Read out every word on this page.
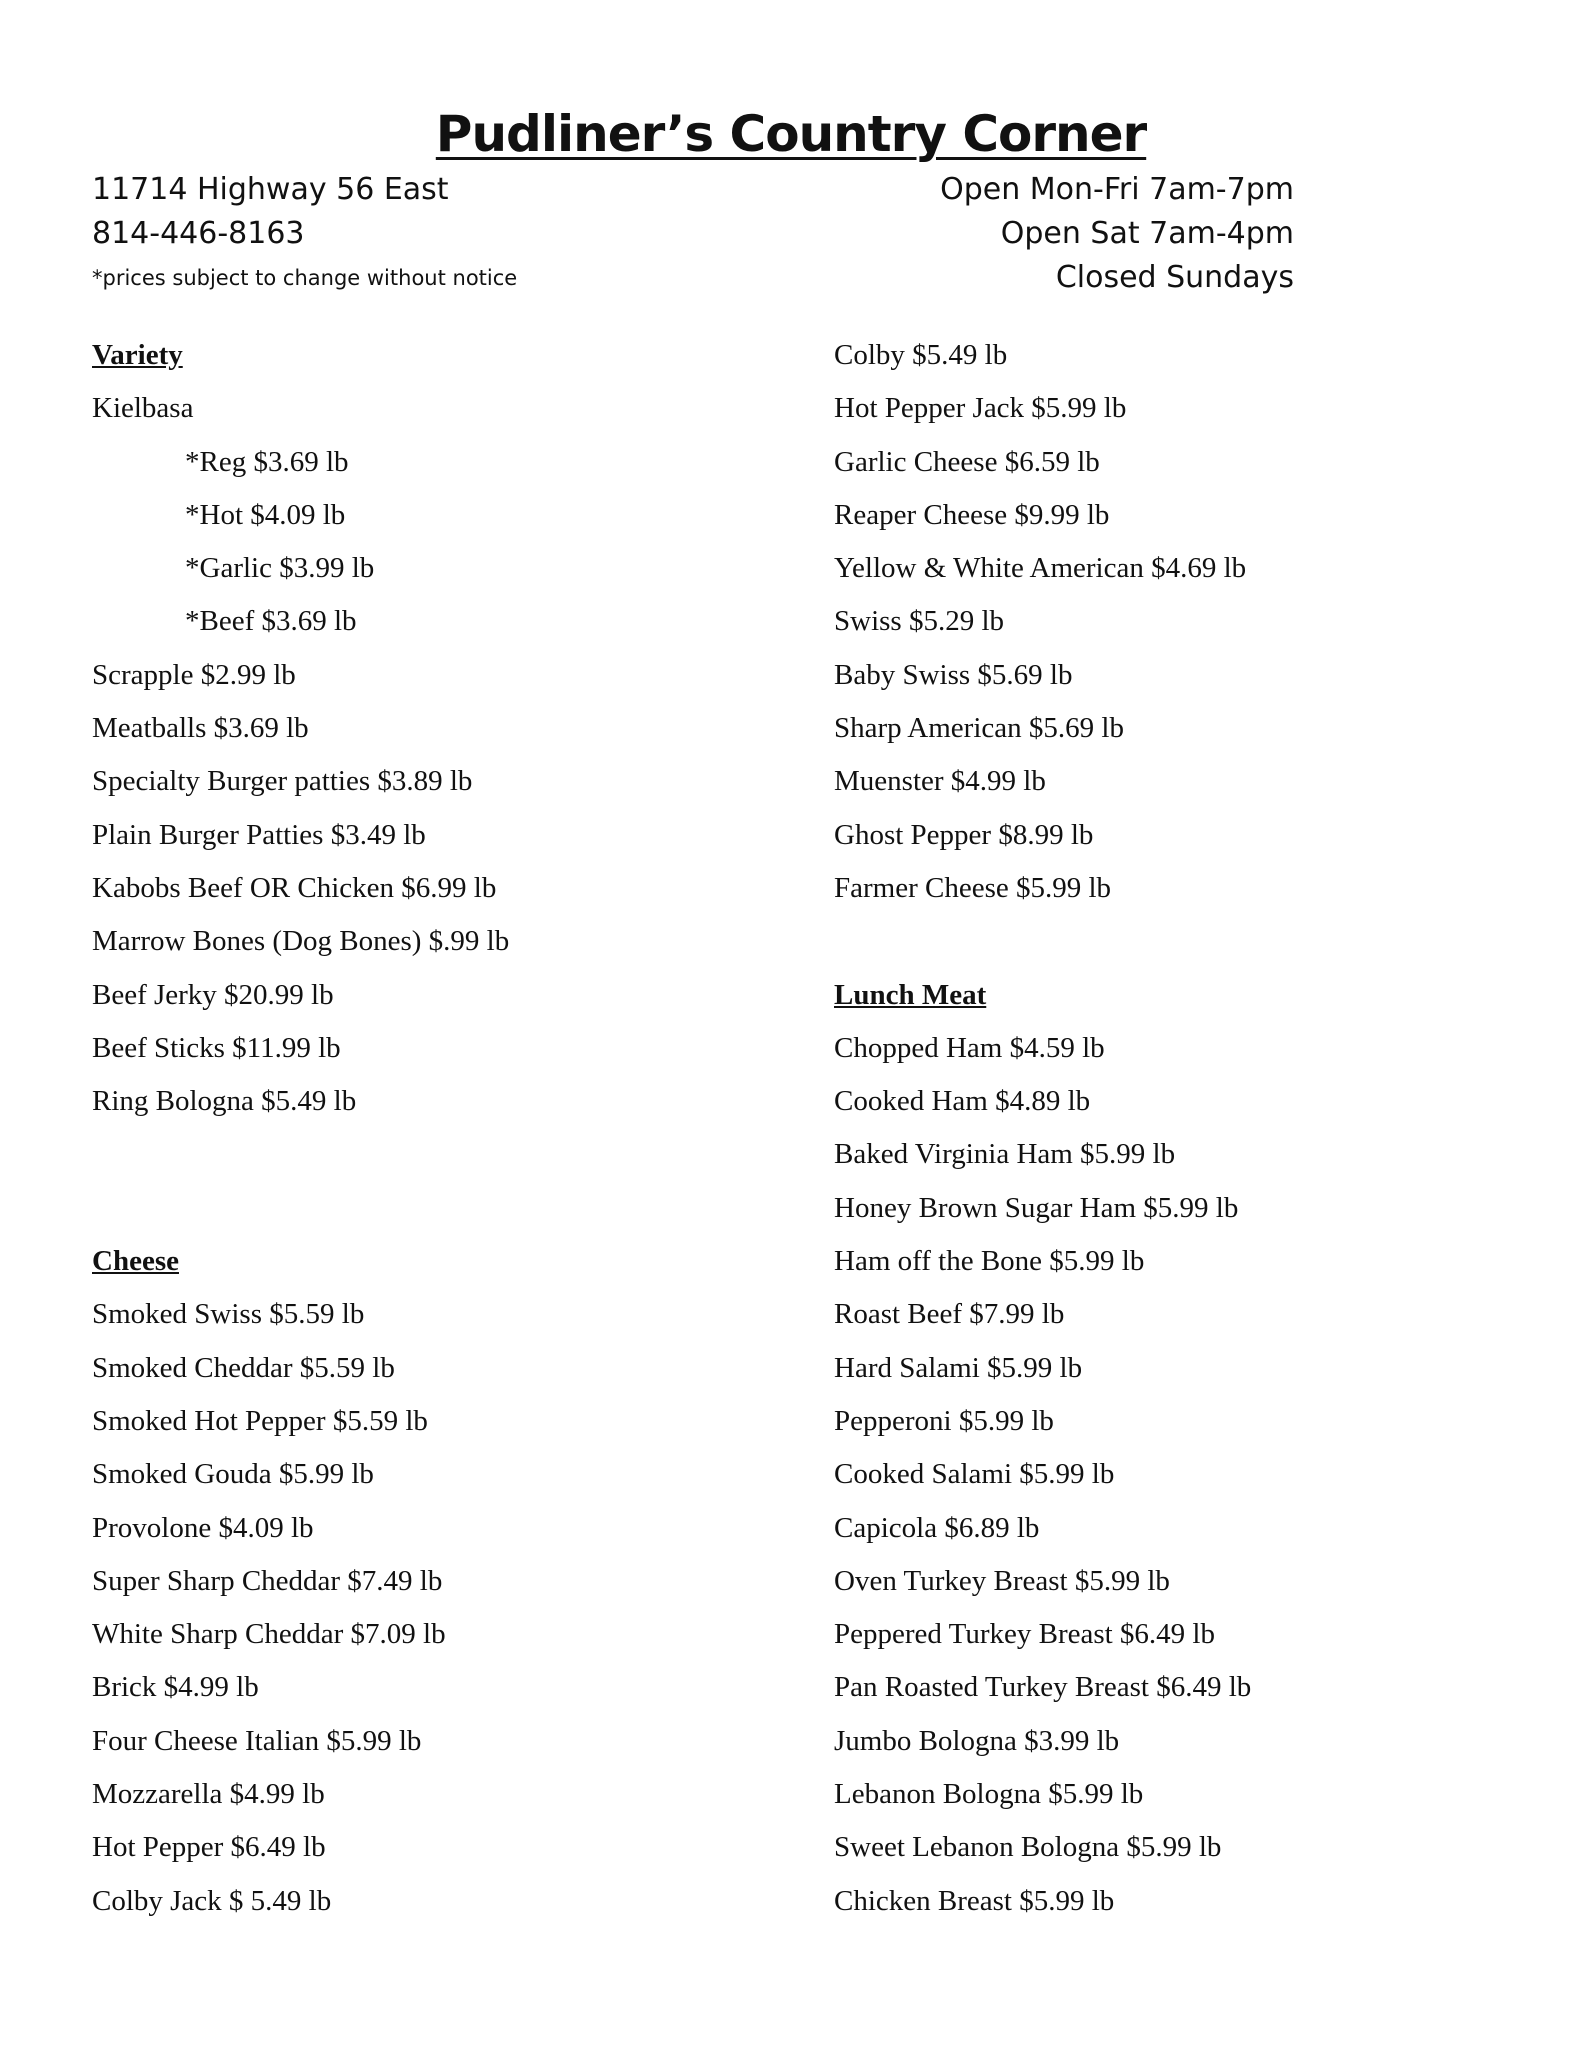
Pudliner’s Country Corner
11714 Highway 56 East
814-446-8163
*prices subject to change without notice
Open Mon-Fri 7am-7pm
Open Sat 7am-4pm
Closed Sundays
Variety
Kielbasa
*Reg $3.69 lb
*Hot $4.09 lb
*Garlic $3.99 lb
*Beef $3.69 lb
Scrapple $2.99 lb
Meatballs $3.69 lb
Specialty Burger patties $3.89 lb
Plain Burger Patties $3.49 lb
Kabobs Beef OR Chicken $6.99 lb
Marrow Bones (Dog Bones) $.99 lb
Beef Jerky $20.99 lb
Beef Sticks $11.99 lb
Ring Bologna $5.49 lb
Cheese
Smoked Swiss $5.59 lb
Smoked Cheddar $5.59 lb
Smoked Hot Pepper $5.59 lb
Smoked Gouda $5.99 lb
Provolone $4.09 lb
Super Sharp Cheddar $7.49 lb
White Sharp Cheddar $7.09 lb
Brick $4.99 lb
Four Cheese Italian $5.99 lb
Mozzarella $4.99 lb
Hot Pepper $6.49 lb
Colby Jack $ 5.49 lb
Colby $5.49 lb
Hot Pepper Jack $5.99 lb
Garlic Cheese $6.59 lb
Reaper Cheese $9.99 lb
Yellow & White American $4.69 lb
Swiss $5.29 lb
Baby Swiss $5.69 lb
Sharp American $5.69 lb
Muenster $4.99 lb
Ghost Pepper $8.99 lb
Farmer Cheese $5.99 lb
Lunch Meat
Chopped Ham $4.59 lb
Cooked Ham $4.89 lb
Baked Virginia Ham $5.99 lb
Honey Brown Sugar Ham $5.99 lb
Ham off the Bone $5.99 lb
Roast Beef $7.99 lb
Hard Salami $5.99 lb
Pepperoni $5.99 lb
Cooked Salami $5.99 lb
Capicola $6.89 lb
Oven Turkey Breast $5.99 lb
Peppered Turkey Breast $6.49 lb
Pan Roasted Turkey Breast $6.49 lb
Jumbo Bologna $3.99 lb
Lebanon Bologna $5.99 lb
Sweet Lebanon Bologna $5.99 lb
Chicken Breast $5.99 lb
